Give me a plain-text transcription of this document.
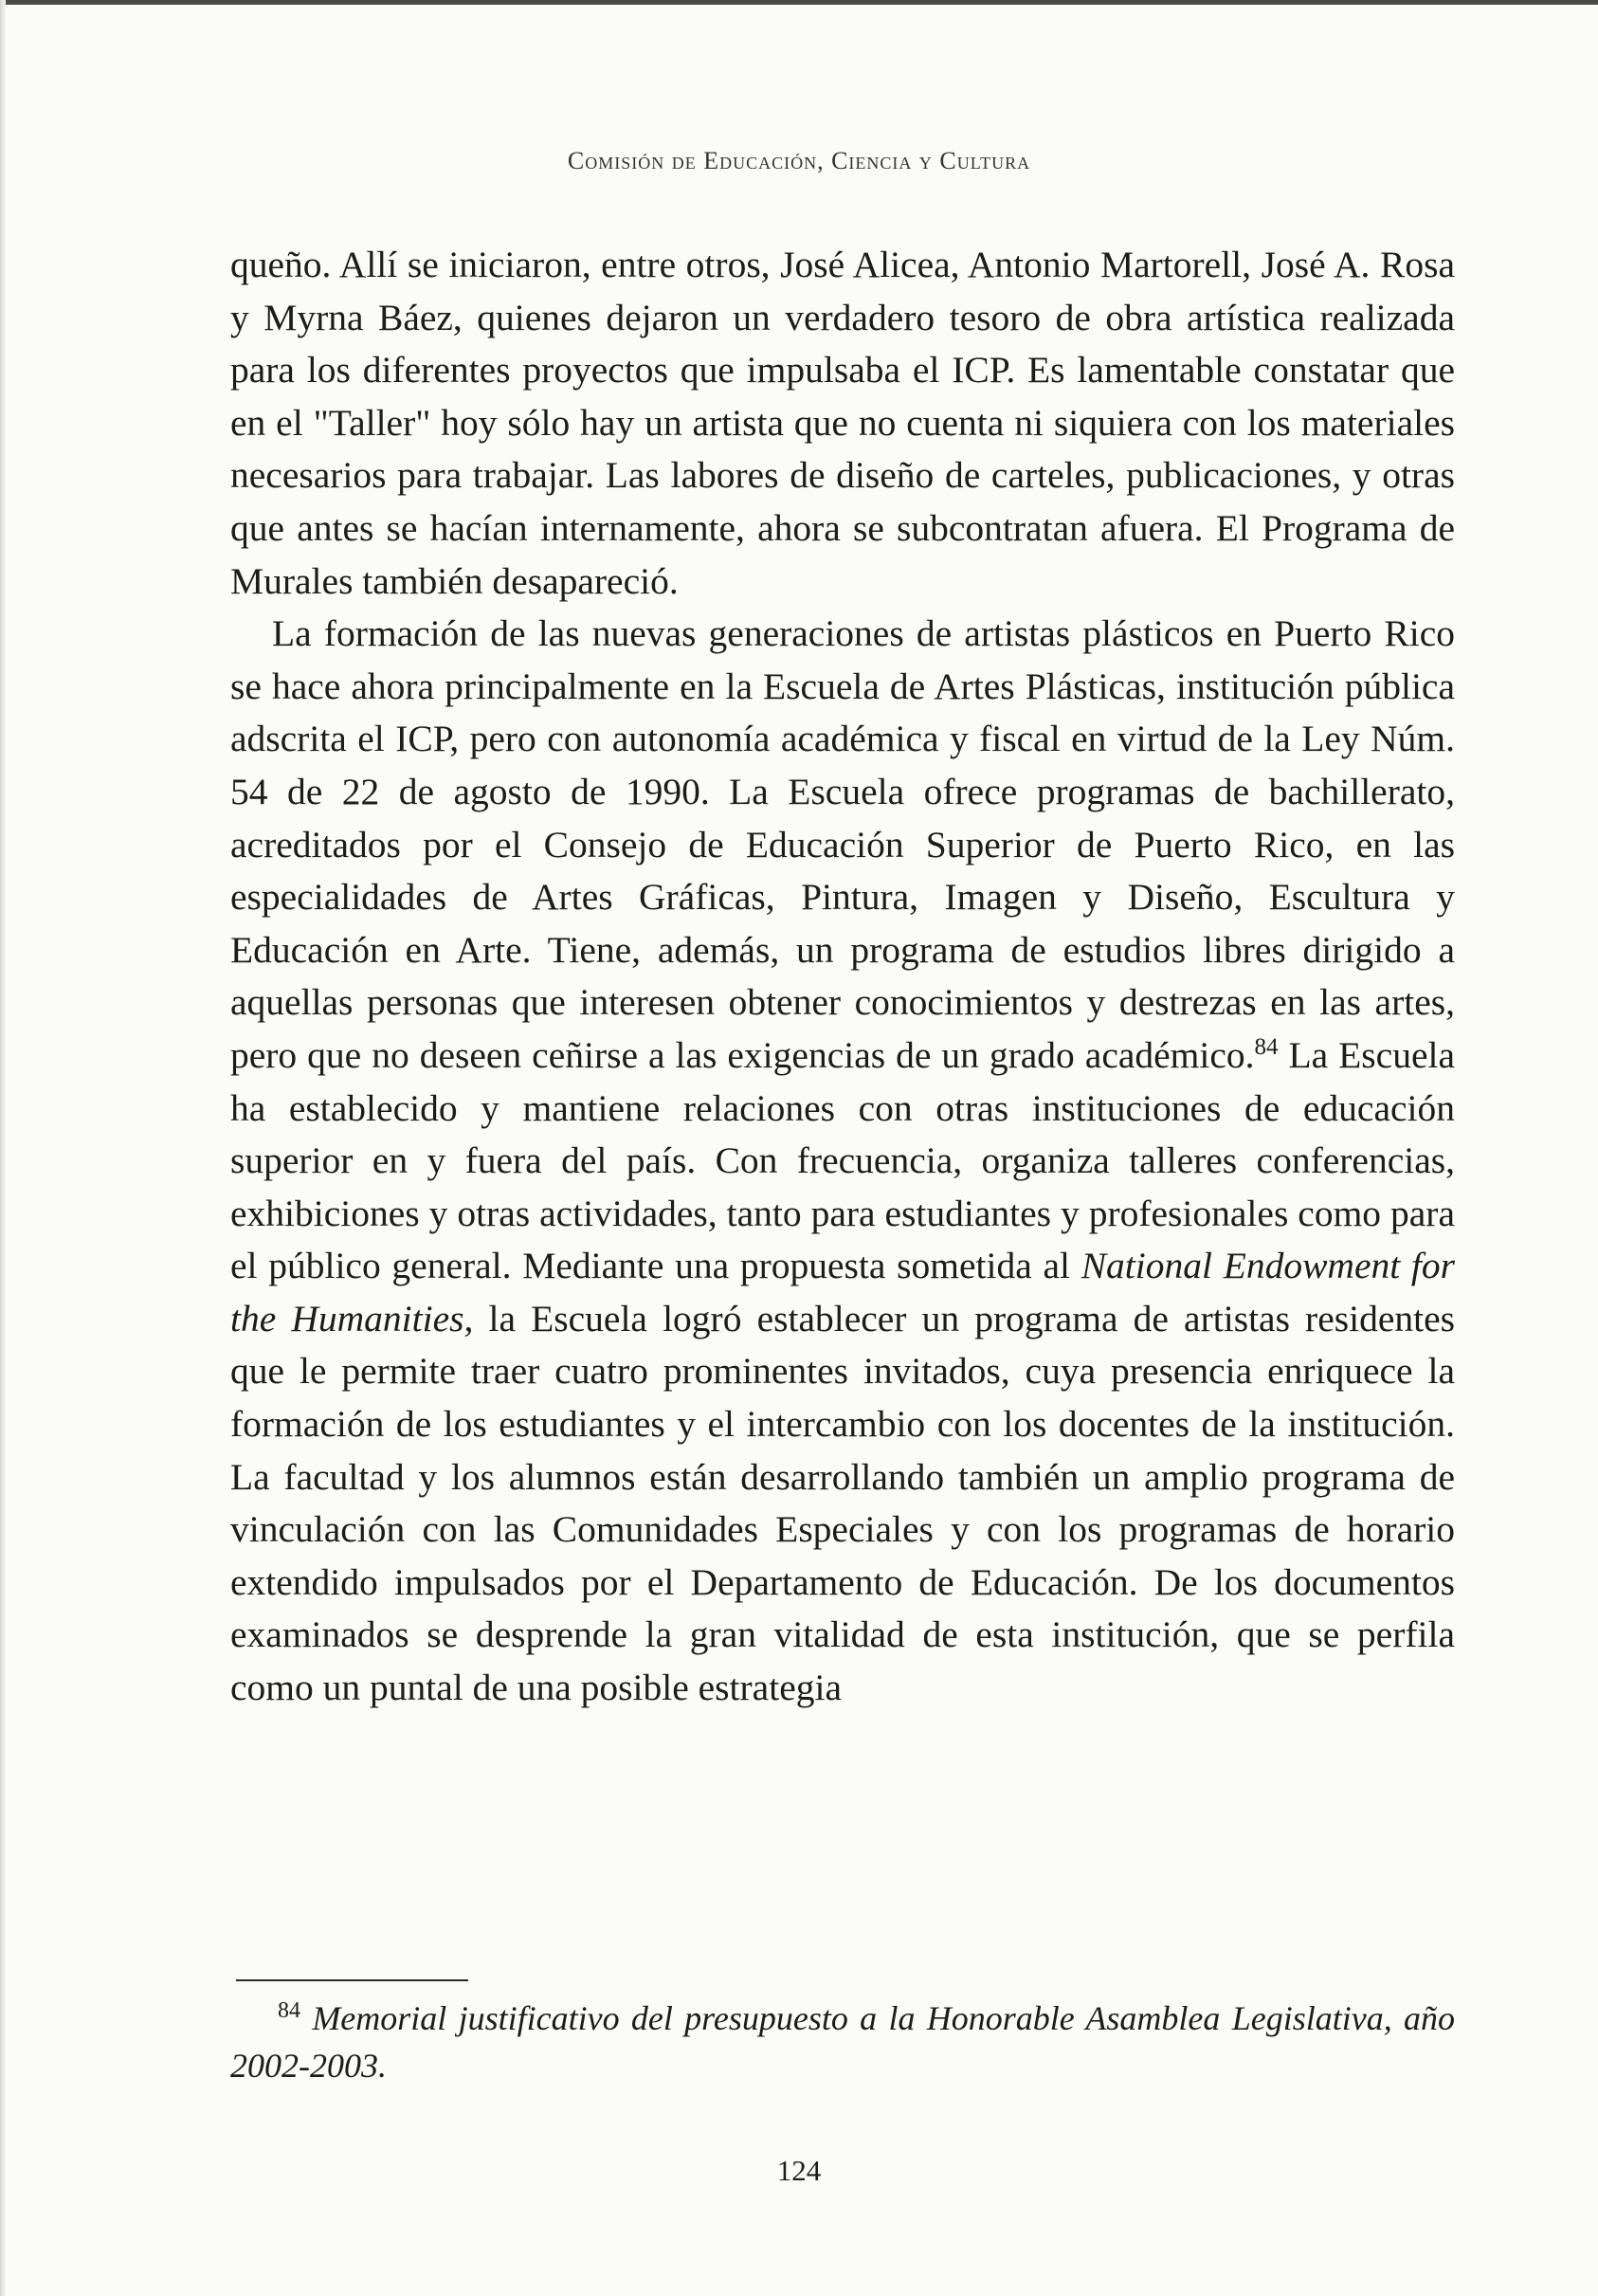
Comisión de Educación, Ciencia y Cultura

queño. Allí se iniciaron, entre otros, José Alicea, Antonio Martorell, José A. Rosa y Myrna Báez, quienes dejaron un verdadero tesoro de obra artística realizada para los diferentes proyectos que impulsaba el ICP. Es lamentable constatar que en el "Taller" hoy sólo hay un artista que no cuenta ni siquiera con los materiales necesarios para trabajar. Las labores de diseño de carteles, publicaciones, y otras que antes se hacían internamente, ahora se subcontratan afuera. El Programa de Murales también desapareció.

La formación de las nuevas generaciones de artistas plásticos en Puerto Rico se hace ahora principalmente en la Escuela de Artes Plásticas, institución pública adscrita el ICP, pero con autonomía académica y fiscal en virtud de la Ley Núm. 54 de 22 de agosto de 1990. La Escuela ofrece programas de bachillerato, acreditados por el Consejo de Educación Superior de Puerto Rico, en las especialidades de Artes Gráficas, Pintura, Imagen y Diseño, Escultura y Educación en Arte. Tiene, además, un programa de estudios libres dirigido a aquellas personas que interesen obtener conocimientos y destrezas en las artes, pero que no deseen ceñirse a las exigencias de un grado académico.$^{84}$ La Escuela ha establecido y mantiene relaciones con otras instituciones de educación superior en y fuera del país. Con frecuencia, organiza talleres conferencias, exhibiciones y otras actividades, tanto para estudiantes y profesionales como para el público general. Mediante una propuesta sometida al National Endowment for the Humanities, la Escuela logró establecer un programa de artistas residentes que le permite traer cuatro prominentes invitados, cuya presencia enriquece la formación de los estudiantes y el intercambio con los docentes de la institución. La facultad y los alumnos están desarrollando también un amplio programa de vinculación con las Comunidades Especiales y con los programas de horario extendido impulsados por el Departamento de Educación. De los documentos examinados se desprende la gran vitalidad de esta institución, que se perfila como un puntal de una posible estrategia

$^{84}$ Memorial justificativo del presupuesto a la Honorable Asamblea Legislativa, año 2002-2003.
124
